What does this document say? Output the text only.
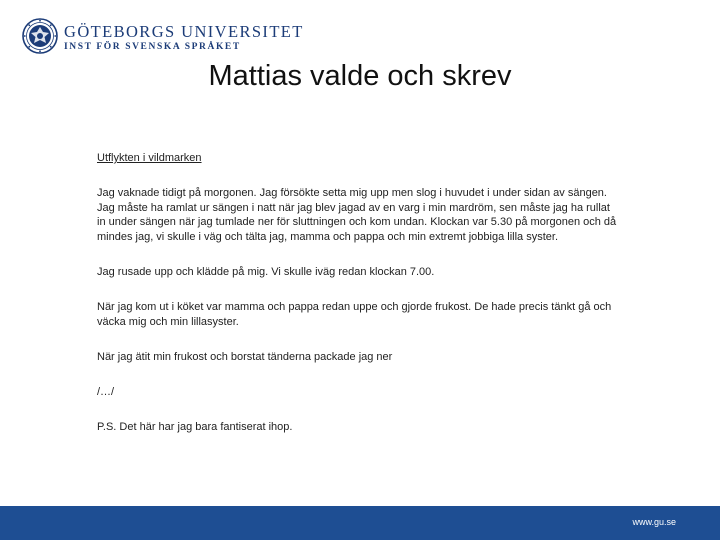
GÖTEBORGS UNIVERSITET
INST FÖR SVENSKA SPRÅKET
Mattias valde och skrev

Utflykten i vildmarken

Jag vaknade tidigt på morgonen. Jag försökte setta mig upp men slog i huvudet i under sidan av sängen. Jag måste ha ramlat ur sängen i natt när jag blev jagad av en varg i min mardröm, sen måste jag ha rullat in under sängen när jag tumlade ner för sluttningen och kom undan. Klockan var 5.30 på morgonen och då mindes jag, vi skulle i väg och tälta jag, mamma och pappa och min extremt jobbiga lilla syster.

Jag rusade upp och klädde på mig. Vi skulle iväg redan klockan 7.00.

När jag kom ut i köket var mamma och pappa redan uppe och gjorde frukost. De hade precis tänkt gå och väcka mig och min lillasyster.

När jag ätit min frukost och borstat tänderna packade jag ner

/…/

P.S. Det här har jag bara fantiserat ihop.

www.gu.se
